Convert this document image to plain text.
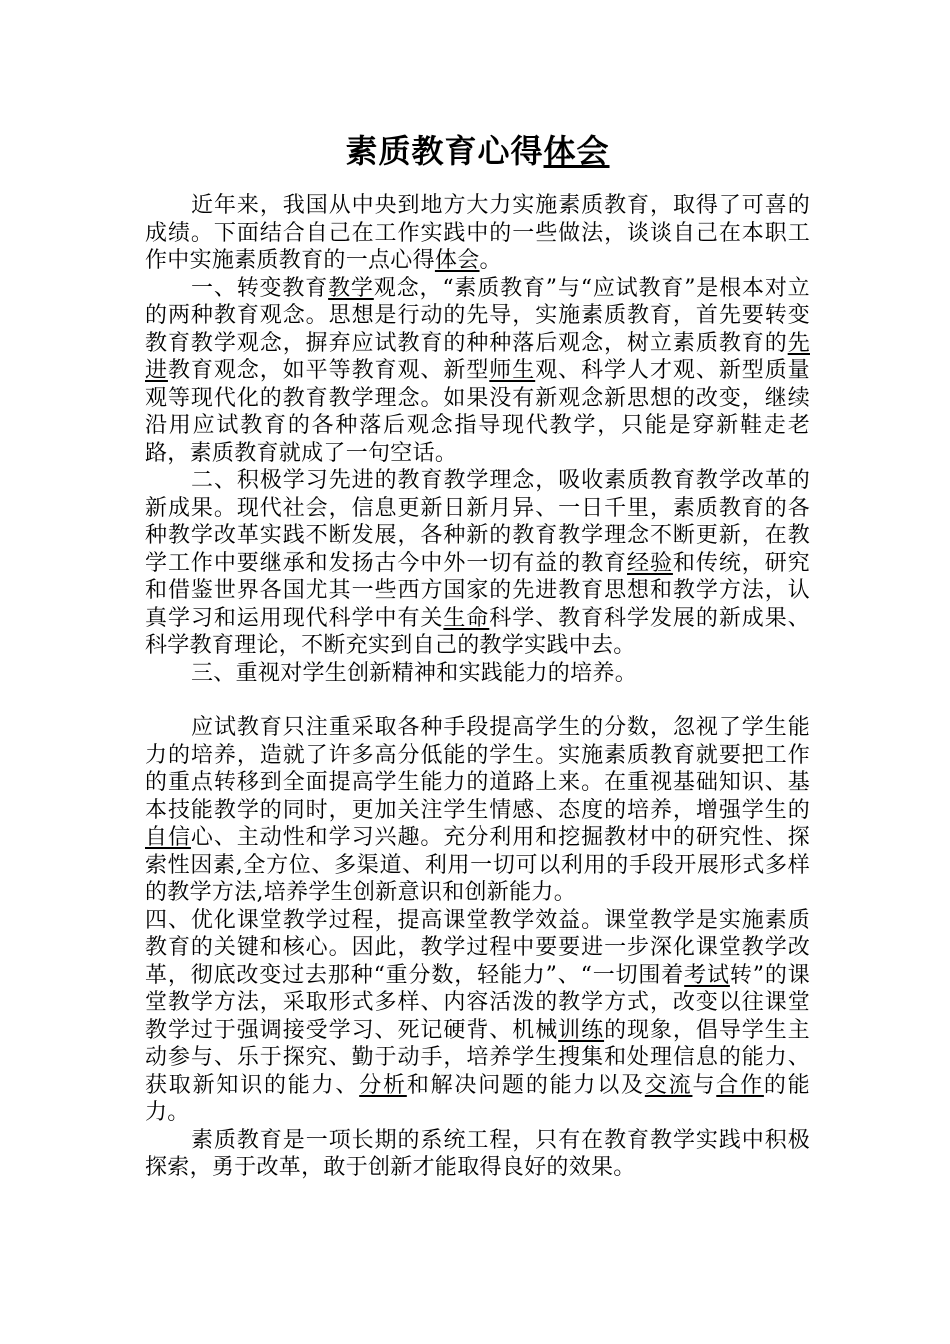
素质教育心得体会

近年来，我国从中央到地方大力实施素质教育，取得了可喜的成绩。下面结合自己在工作实践中的一些做法，谈谈自己在本职工作中实施素质教育的一点心得体会。

一、转变教育教学观念，“素质教育”与“应试教育”是根本对立的两种教育观念。思想是行动的先导，实施素质教育，首先要转变教育教学观念，摒弃应试教育的种种落后观念，树立素质教育的先进教育观念，如平等教育观、新型师生观、科学人才观、新型质量观等现代化的教育教学理念。如果没有新观念新思想的改变，继续沿用应试教育的各种落后观念指导现代教学，只能是穿新鞋走老路，素质教育就成了一句空话。

二、积极学习先进的教育教学理念，吸收素质教育教学改革的新成果。现代社会，信息更新日新月异、一日千里，素质教育的各种教学改革实践不断发展，各种新的教育教学理念不断更新，在教学工作中要继承和发扬古今中外一切有益的教育经验和传统，研究和借鉴世界各国尤其一些西方国家的先进教育思想和教学方法，认真学习和运用现代科学中有关生命科学、教育科学发展的新成果、科学教育理论，不断充实到自己的教学实践中去。

三、重视对学生创新精神和实践能力的培养。

应试教育只注重采取各种手段提高学生的分数，忽视了学生能力的培养，造就了许多高分低能的学生。实施素质教育就要把工作的重点转移到全面提高学生能力的道路上来。在重视基础知识、基本技能教学的同时，更加关注学生情感、态度的培养，增强学生的自信心、主动性和学习兴趣。充分利用和挖掘教材中的研究性、探索性因素,全方位、多渠道、利用一切可以利用的手段开展形式多样的教学方法,培养学生创新意识和创新能力。

四、优化课堂教学过程，提高课堂教学效益。课堂教学是实施素质教育的关键和核心。因此，教学过程中要要进一步深化课堂教学改革，彻底改变过去那种“重分数，轻能力”、“一切围着考试转”的课堂教学方法，采取形式多样、内容活泼的教学方式，改变以往课堂教学过于强调接受学习、死记硬背、机械训练的现象，倡导学生主动参与、乐于探究、勤于动手，培养学生搜集和处理信息的能力、获取新知识的能力、分析和解决问题的能力以及交流与合作的能力。

素质教育是一项长期的系统工程，只有在教育教学实践中积极探索，勇于改革，敢于创新才能取得良好的效果。
